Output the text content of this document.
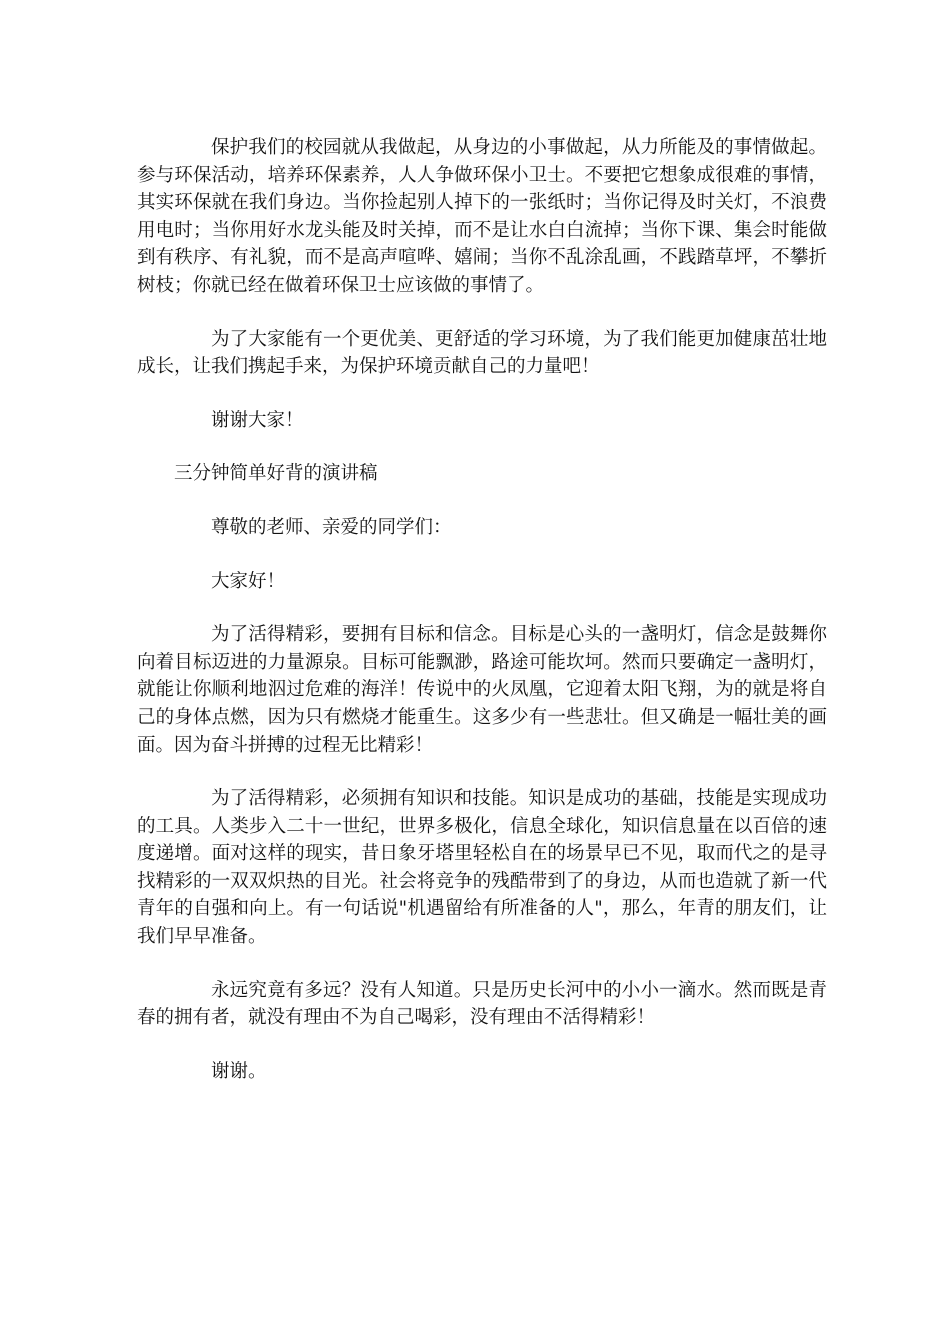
保护我们的校园就从我做起，从身边的小事做起，从力所能及的事情做起。参与环保活动，培养环保素养，人人争做环保小卫士。不要把它想象成很难的事情，其实环保就在我们身边。当你捡起别人掉下的一张纸时；当你记得及时关灯，不浪费用电时；当你用好水龙头能及时关掉，而不是让水白白流掉；当你下课、集会时能做到有秩序、有礼貌，而不是高声喧哗、嬉闹；当你不乱涂乱画，不践踏草坪，不攀折树枝；你就已经在做着环保卫士应该做的事情了。

为了大家能有一个更优美、更舒适的学习环境，为了我们能更加健康茁壮地成长，让我们携起手来，为保护环境贡献自己的力量吧！

谢谢大家！

三分钟简单好背的演讲稿

尊敬的老师、亲爱的同学们：

大家好！

为了活得精彩，要拥有目标和信念。目标是心头的一盏明灯，信念是鼓舞你向着目标迈进的力量源泉。目标可能飘渺，路途可能坎坷。然而只要确定一盏明灯，就能让你顺利地泅过危难的海洋！传说中的火凤凰，它迎着太阳飞翔，为的就是将自己的身体点燃，因为只有燃烧才能重生。这多少有一些悲壮。但又确是一幅壮美的画面。因为奋斗拼搏的过程无比精彩！

为了活得精彩，必须拥有知识和技能。知识是成功的基础，技能是实现成功的工具。人类步入二十一世纪，世界多极化，信息全球化，知识信息量在以百倍的速度递增。面对这样的现实，昔日象牙塔里轻松自在的场景早已不见，取而代之的是寻找精彩的一双双炽热的目光。社会将竞争的残酷带到了的身边，从而也造就了新一代青年的自强和向上。有一句话说"机遇留给有所准备的人"，那么，年青的朋友们，让我们早早准备。

永远究竟有多远？没有人知道。只是历史长河中的小小一滴水。然而既是青春的拥有者，就没有理由不为自己喝彩，没有理由不活得精彩！

谢谢。
